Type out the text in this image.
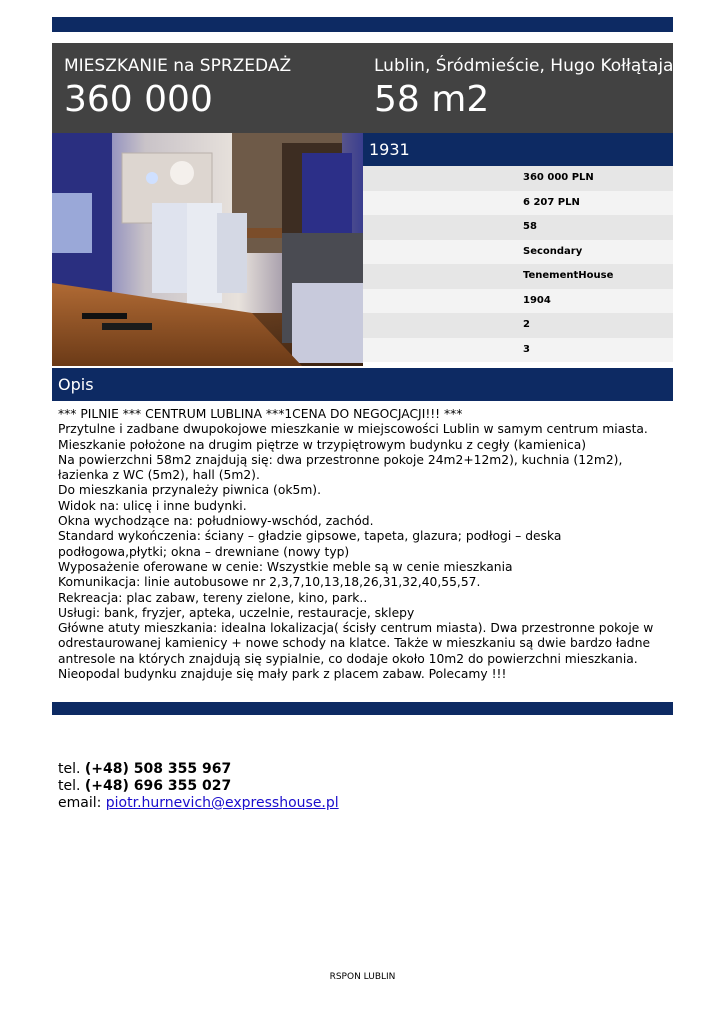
MIESZKANIE na SPRZEDAŻ
360 000
Lublin, Śródmieście, Hugo Kołłątaja
58 m2
1931
360 000 PLN
6 207 PLN
58
Secondary
TenementHouse
1904
2
3
Opis

*** PILNIE *** CENTRUM LUBLINA ***1CENA DO NEGOCJACJI!!! ***

Przytulne i zadbane dwupokojowe mieszkanie w miejscowości Lublin w samym centrum miasta.

Mieszkanie położone na drugim piętrze w trzypiętrowym budynku z cegły (kamienica)

Na powierzchni 58m2 znajdują się: dwa przestronne pokoje 24m2+12m2), kuchnia (12m2), łazienka z WC (5m2), hall (5m2).

Do mieszkania przynależy piwnica (ok5m).

Widok na: ulicę i inne budynki.

Okna wychodzące na: południowy-wschód, zachód.

Standard wykończenia: ściany – gładzie gipsowe, tapeta, glazura; podłogi – deska podłogowa,płytki; okna – drewniane (nowy typ)

Wyposażenie oferowane w cenie: Wszystkie meble są w cenie mieszkania

Komunikacja: linie autobusowe nr 2,3,7,10,13,18,26,31,32,40,55,57.

Rekreacja: plac zabaw, tereny zielone, kino, park..

Usługi: bank, fryzjer, apteka, uczelnie, restauracje, sklepy

Główne atuty mieszkania: idealna lokalizacja( ścisły centrum miasta). Dwa przestronne pokoje w odrestaurowanej kamienicy + nowe schody na klatce. Także w mieszkaniu są dwie bardzo ładne antresole na których znajdują się sypialnie, co dodaje około 10m2 do powierzchni mieszkania. Nieopodal budynku znajduje się mały park z placem zabaw. Polecamy !!!

tel. (+48) 508 355 967
tel. (+48) 696 355 027
email: piotr.hurnevich@expresshouse.pl
RSPON LUBLIN
